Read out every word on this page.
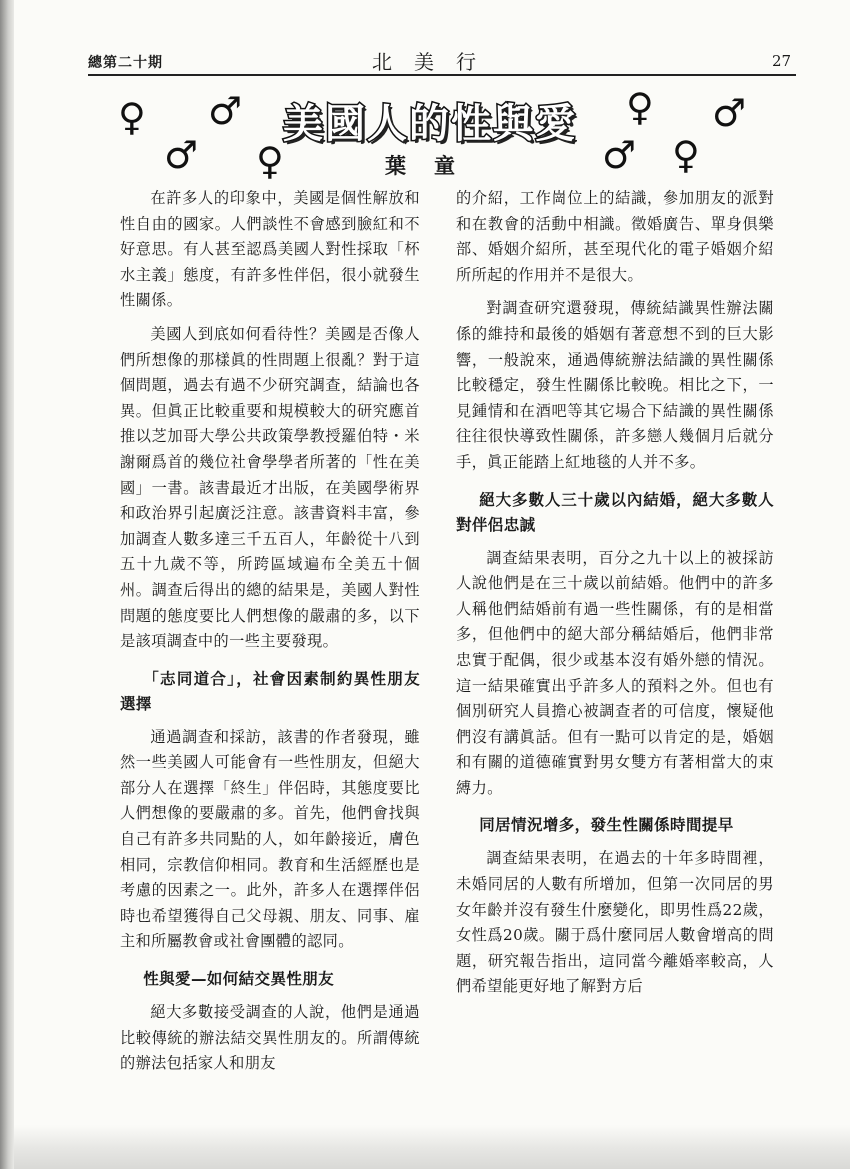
總第二十期	北美行	27
♀ ♂
♂ ♀
♀ ♂
♂ ♀
美國人的性與愛
葉童

在許多人的印象中，美國是個性解放和性自由的國家。人們談性不會感到臉紅和不好意思。有人甚至認爲美國人對性採取「杯水主義」態度，有許多性伴侶，很小就發生性關係。

美國人到底如何看待性？美國是否像人們所想像的那樣眞的性問題上很亂？對于這個問題，過去有過不少研究調查，結論也各異。但眞正比較重要和規模較大的研究應首推以芝加哥大學公共政策學教授羅伯特・米謝爾爲首的幾位社會學學者所著的「性在美國」一書。該書最近才出版，在美國學術界和政治界引起廣泛注意。該書資料丰富，參加調查人數多達三千五百人，年齡從十八到五十九歲不等，所跨區域遍布全美五十個州。調查后得出的總的結果是，美國人對性問題的態度要比人們想像的嚴肅的多，以下是該項調查中的一些主要發現。

「志同道合」，社會因素制約異性朋友選擇

通過調查和採訪，該書的作者發現，雖然一些美國人可能會有一些性朋友，但絕大部分人在選擇「終生」伴侶時，其態度要比人們想像的要嚴肅的多。首先，他們會找與自己有許多共同點的人，如年齡接近，膚色相同，宗教信仰相同。教育和生活經歷也是考慮的因素之一。此外，許多人在選擇伴侶時也希望獲得自己父母親、朋友、同事、雇主和所屬教會或社會團體的認同。

性與愛—如何結交異性朋友

絕大多數接受調查的人說，他們是通過比較傳統的辦法結交異性朋友的。所謂傳統的辦法包括家人和朋友

的介紹，工作崗位上的結識，參加朋友的派對和在教會的活動中相識。徵婚廣告、單身俱樂部、婚姻介紹所，甚至現代化的電子婚姻介紹所所起的作用并不是很大。

對調查研究還發現，傳統結識異性辦法關係的維持和最後的婚姻有著意想不到的巨大影響，一般說來，通過傳統辦法結識的異性關係比較穩定，發生性關係比較晚。相比之下，一見鍾情和在酒吧等其它場合下結識的異性關係往往很快導致性關係，許多戀人幾個月后就分手，眞正能踏上紅地毯的人并不多。

絕大多數人三十歲以內結婚，絕大多數人對伴侶忠誠

調查結果表明，百分之九十以上的被採訪人說他們是在三十歲以前結婚。他們中的許多人稱他們結婚前有過一些性關係，有的是相當多，但他們中的絕大部分稱結婚后，他們非常忠實于配偶，很少或基本沒有婚外戀的情況。這一結果確實出乎許多人的預料之外。但也有個別研究人員擔心被調查者的可信度，懷疑他們沒有講眞話。但有一點可以肯定的是，婚姻和有關的道德確實對男女雙方有著相當大的束縛力。

同居情況增多，發生性關係時間提早

調查結果表明，在過去的十年多時間裡，未婚同居的人數有所增加，但第一次同居的男女年齡并沒有發生什麼變化，即男性爲22歲，女性爲20歲。關于爲什麼同居人數會增高的問題，研究報告指出，這同當今離婚率較高，人們希望能更好地了解對方后
